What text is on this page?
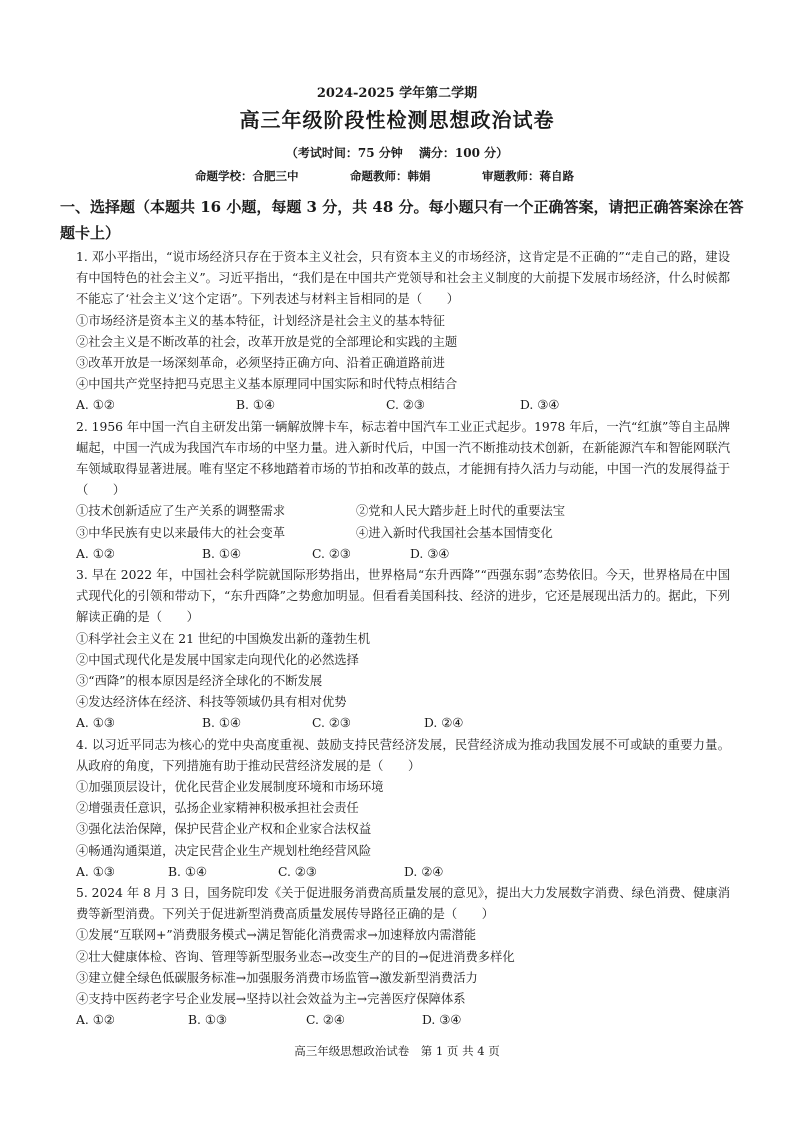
2024-2025 学年第二学期
高三年级阶段性检测思想政治试卷
（考试时间：75 分钟　 满分：100 分）
命题学校：合肥三中	命题教师：韩娟	审题教师：蒋自路
一、选择题（本题共 16 小题，每题 3 分，共 48 分。每小题只有一个正确答案，请把正确答案涂在答题卡上）
1. 邓小平指出，“说市场经济只存在于资本主义社会，只有资本主义的市场经济，这肯定是不正确的”“走自己的路，建设有中国特色的社会主义”。习近平指出，“我们是在中国共产党领导和社会主义制度的大前提下发展市场经济，什么时候都不能忘了‘社会主义’这个定语”。下列表述与材料主旨相同的是（　　）
①市场经济是资本主义的基本特征，计划经济是社会主义的基本特征
②社会主义是不断改革的社会，改革开放是党的全部理论和实践的主题
③改革开放是一场深刻革命，必须坚持正确方向、沿着正确道路前进
④中国共产党坚持把马克思主义基本原理同中国实际和时代特点相结合
A. ①②	B. ①④	C. ②③	D. ③④
2. 1956 年中国一汽自主研发出第一辆解放牌卡车，标志着中国汽车工业正式起步。1978 年后，一汽“红旗”等自主品牌崛起，中国一汽成为我国汽车市场的中坚力量。进入新时代后，中国一汽不断推动技术创新，在新能源汽车和智能网联汽车领域取得显著进展。唯有坚定不移地踏着市场的节拍和改革的鼓点，才能拥有持久活力与动能，中国一汽的发展得益于（　　）
①技术创新适应了生产关系的调整需求	②党和人民大踏步赶上时代的重要法宝
③中华民族有史以来最伟大的社会变革	④进入新时代我国社会基本国情变化
A. ①②	B. ①④	C. ②③	D. ③④
3. 早在 2022 年，中国社会科学院就国际形势指出，世界格局“东升西降”“西强东弱”态势依旧。今天，世界格局在中国式现代化的引领和带动下，“东升西降”之势愈加明显。但看看美国科技、经济的进步，它还是展现出活力的。据此，下列解读正确的是（　　）
①科学社会主义在 21 世纪的中国焕发出新的蓬勃生机
②中国式现代化是发展中国家走向现代化的必然选择
③“西降”的根本原因是经济全球化的不断发展
④发达经济体在经济、科技等领域仍具有相对优势
A. ①③	B. ①④	C. ②③	D. ②④
4. 以习近平同志为核心的党中央高度重视、鼓励支持民营经济发展，民营经济成为推动我国发展不可或缺的重要力量。从政府的角度，下列措施有助于推动民营经济发展的是（　　）
①加强顶层设计，优化民营企业发展制度环境和市场环境
②增强责任意识，弘扬企业家精神积极承担社会责任
③强化法治保障，保护民营企业产权和企业家合法权益
④畅通沟通渠道，决定民营企业生产规划杜绝经营风险
A. ①③	B. ①④	C. ②③	D. ②④
5. 2024 年 8 月 3 日，国务院印发《关于促进服务消费高质量发展的意见》，提出大力发展数字消费、绿色消费、健康消费等新型消费。下列关于促进新型消费高质量发展传导路径正确的是（　　）
①发展“互联网+”消费服务模式→满足智能化消费需求→加速释放内需潜能
②壮大健康体检、咨询、管理等新型服务业态→改变生产的目的→促进消费多样化
③建立健全绿色低碳服务标准→加强服务消费市场监管→激发新型消费活力
④支持中医药老字号企业发展→坚持以社会效益为主→完善医疗保障体系
A. ①②	B. ①③	C. ②④	D. ③④
高三年级思想政治试卷　第 1 页 共 4 页
